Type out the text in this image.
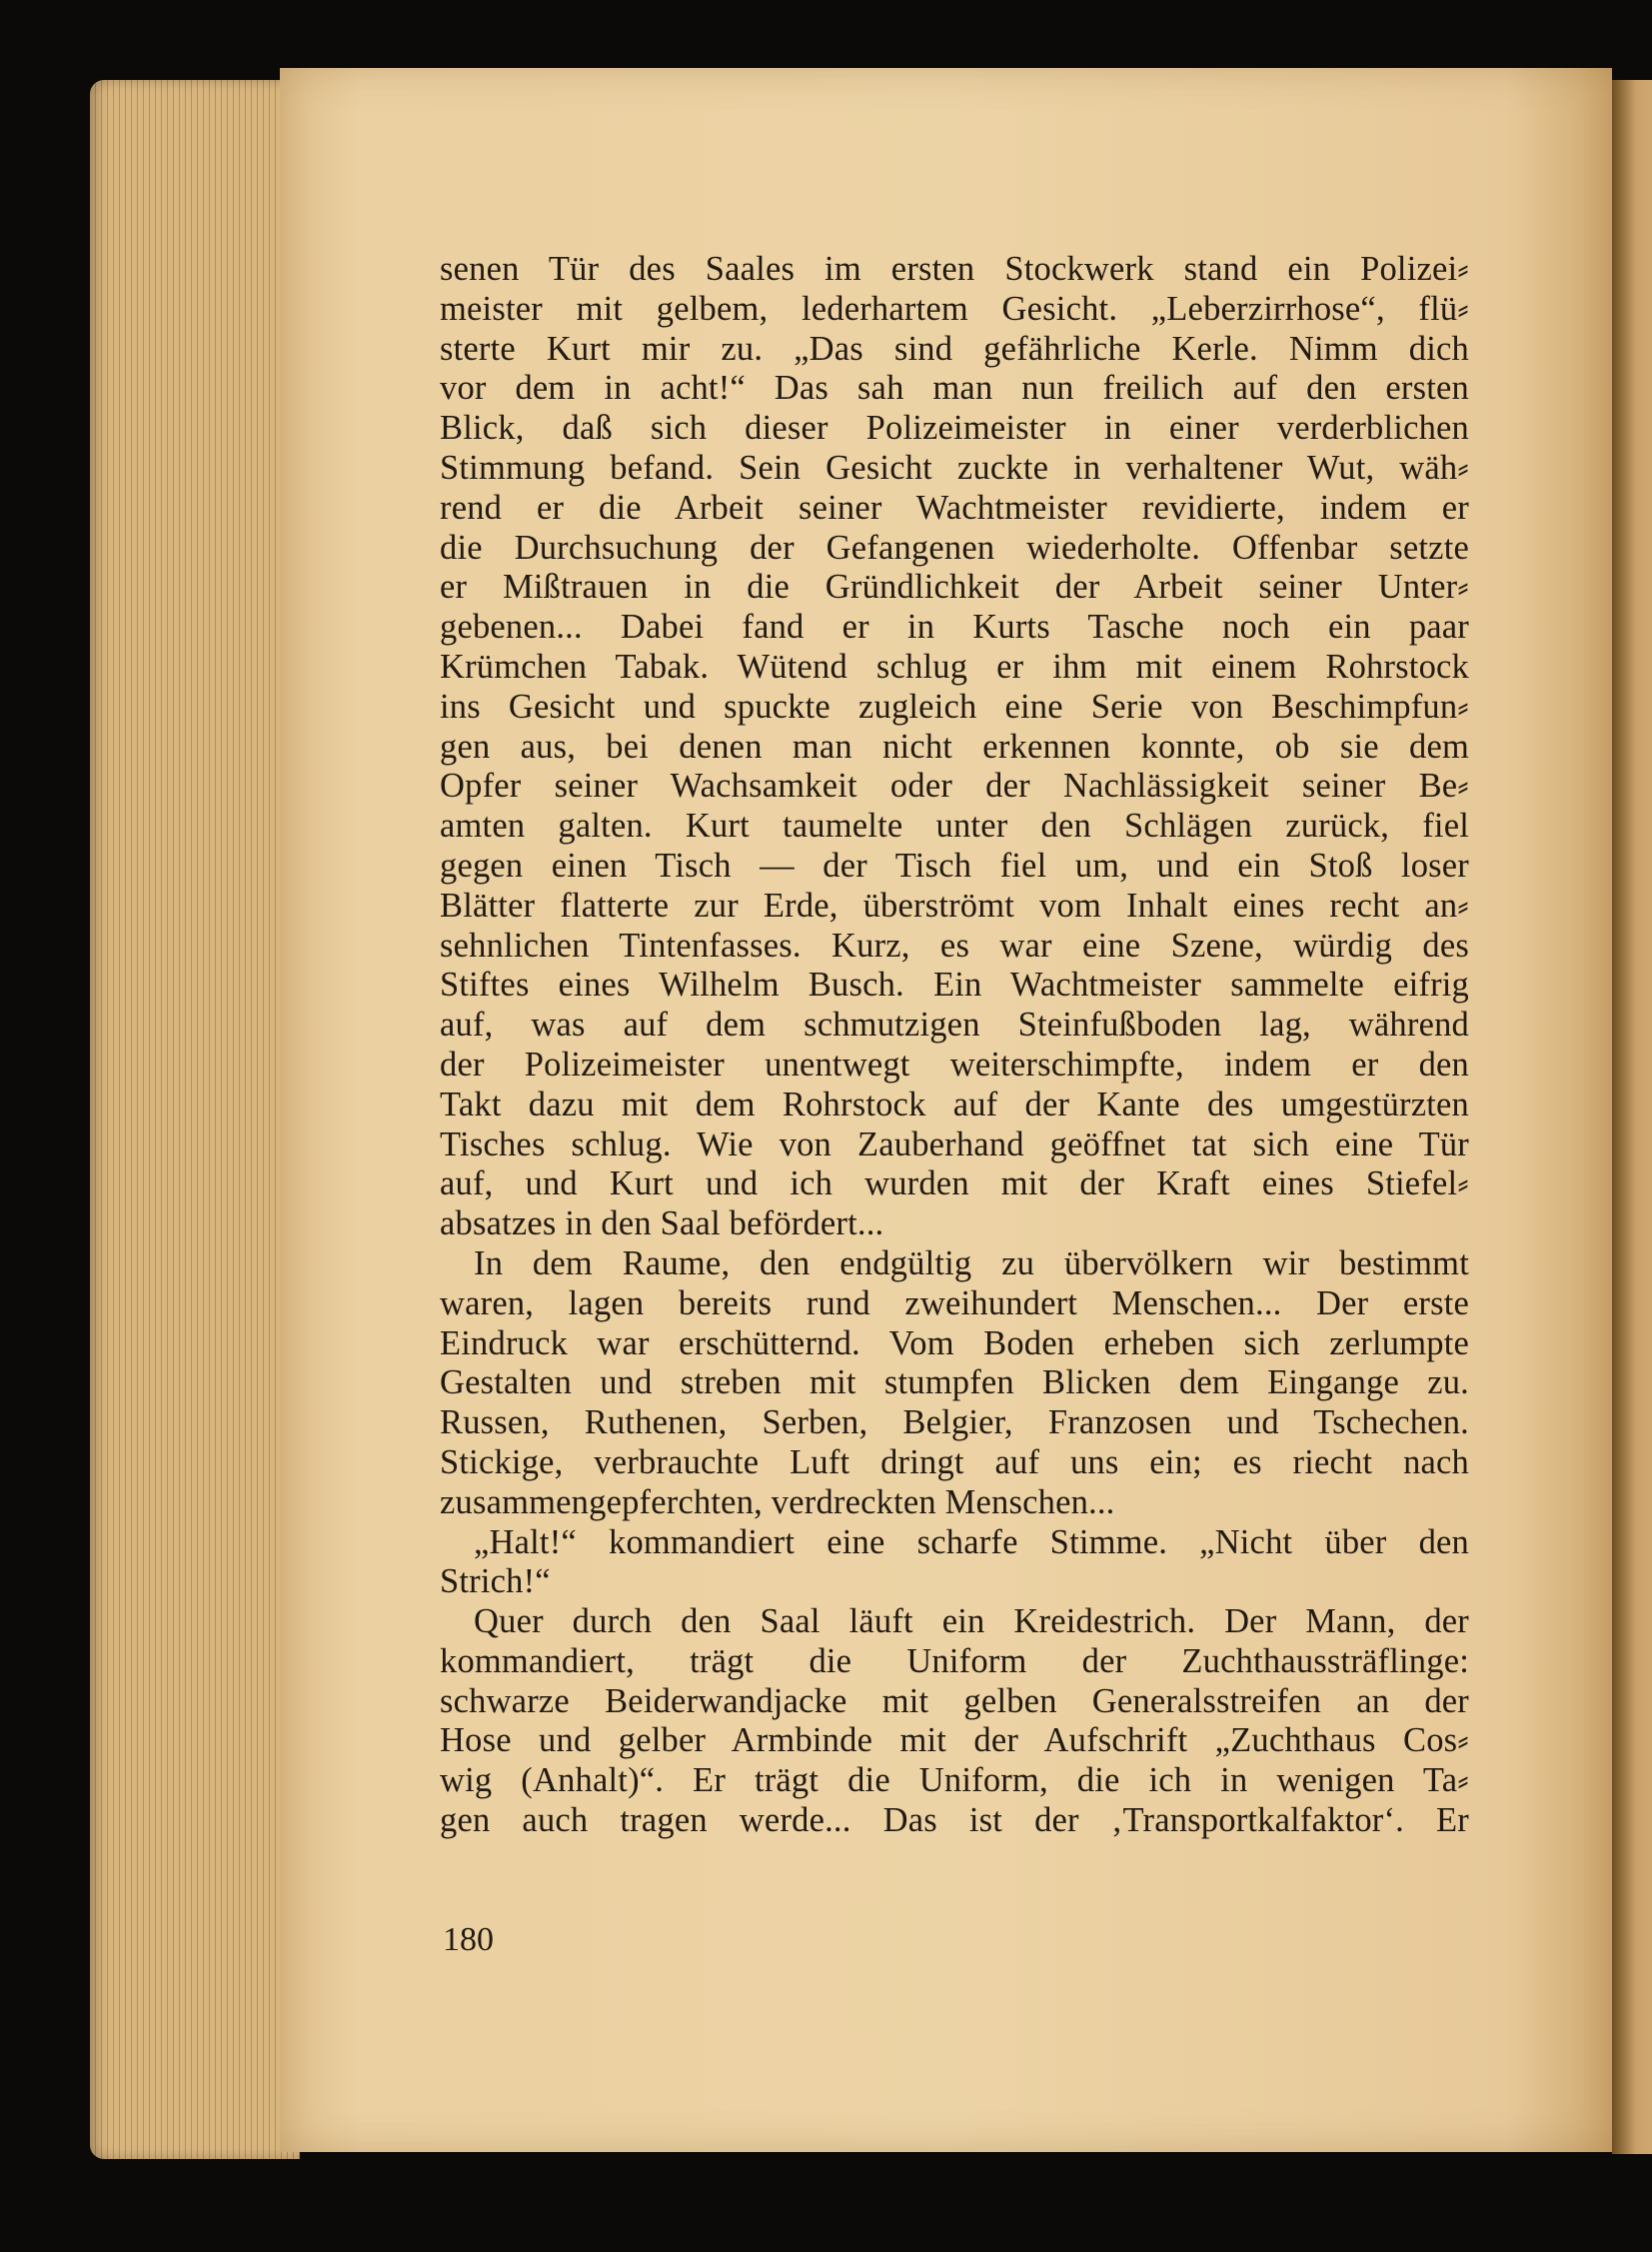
senen Tür des Saales im ersten Stockwerk stand ein Polizei⸗
meister mit gelbem, lederhartem Gesicht. „Leberzirrhose“, flü⸗
sterte Kurt mir zu. „Das sind gefährliche Kerle. Nimm dich
vor dem in acht!“ Das sah man nun freilich auf den ersten
Blick, daß sich dieser Polizeimeister in einer verderblichen
Stimmung befand. Sein Gesicht zuckte in verhaltener Wut, wäh⸗
rend er die Arbeit seiner Wachtmeister revidierte, indem er
die Durchsuchung der Gefangenen wiederholte. Offenbar setzte
er Mißtrauen in die Gründlichkeit der Arbeit seiner Unter⸗
gebenen... Dabei fand er in Kurts Tasche noch ein paar
Krümchen Tabak. Wütend schlug er ihm mit einem Rohrstock
ins Gesicht und spuckte zugleich eine Serie von Beschimpfun⸗
gen aus, bei denen man nicht erkennen konnte, ob sie dem
Opfer seiner Wachsamkeit oder der Nachlässigkeit seiner Be⸗
amten galten. Kurt taumelte unter den Schlägen zurück, fiel
gegen einen Tisch — der Tisch fiel um, und ein Stoß loser
Blätter flatterte zur Erde, überströmt vom Inhalt eines recht an⸗
sehnlichen Tintenfasses. Kurz, es war eine Szene, würdig des
Stiftes eines Wilhelm Busch. Ein Wachtmeister sammelte eifrig
auf, was auf dem schmutzigen Steinfußboden lag, während
der Polizeimeister unentwegt weiterschimpfte, indem er den
Takt dazu mit dem Rohrstock auf der Kante des umgestürzten
Tisches schlug. Wie von Zauberhand geöffnet tat sich eine Tür
auf, und Kurt und ich wurden mit der Kraft eines Stiefel⸗
absatzes in den Saal befördert...
In dem Raume, den endgültig zu übervölkern wir bestimmt
waren, lagen bereits rund zweihundert Menschen... Der erste
Eindruck war erschütternd. Vom Boden erheben sich zerlumpte
Gestalten und streben mit stumpfen Blicken dem Eingange zu.
Russen, Ruthenen, Serben, Belgier, Franzosen und Tschechen.
Stickige, verbrauchte Luft dringt auf uns ein; es riecht nach
zusammengepferchten, verdreckten Menschen...
„Halt!“ kommandiert eine scharfe Stimme. „Nicht über den
Strich!“
Quer durch den Saal läuft ein Kreidestrich. Der Mann, der
kommandiert, trägt die Uniform der Zuchthaussträflinge:
schwarze Beiderwandjacke mit gelben Generalsstreifen an der
Hose und gelber Armbinde mit der Aufschrift „Zuchthaus Cos⸗
wig (Anhalt)“. Er trägt die Uniform, die ich in wenigen Ta⸗
gen auch tragen werde... Das ist der ‚Transportkalfaktor‘. Er
180
